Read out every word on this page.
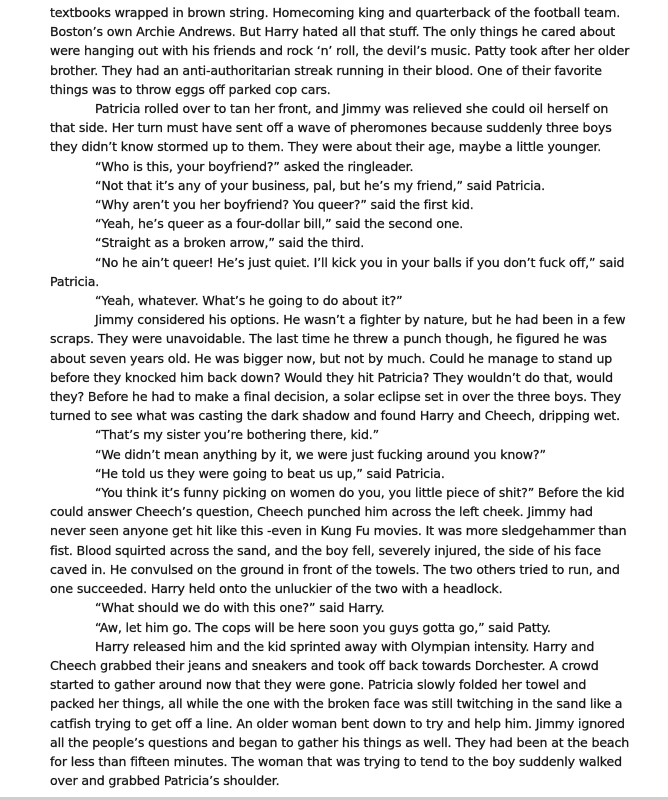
textbooks wrapped in brown string. Homecoming king and quarterback of the football team. Boston’s own Archie Andrews. But Harry hated all that stuff. The only things he cared about were hanging out with his friends and rock ‘n’ roll, the devil’s music. Patty took after her older brother. They had an anti-authoritarian streak running in their blood. One of their favorite things was to throw eggs off parked cop cars.

Patricia rolled over to tan her front, and Jimmy was relieved she could oil herself on that side. Her turn must have sent off a wave of pheromones because suddenly three boys they didn’t know stormed up to them. They were about their age, maybe a little younger.

“Who is this, your boyfriend?” asked the ringleader.

“Not that it’s any of your business, pal, but he’s my friend,” said Patricia.

“Why aren’t you her boyfriend? You queer?” said the first kid.

“Yeah, he’s queer as a four-dollar bill,” said the second one.

“Straight as a broken arrow,” said the third.

“No he ain’t queer! He’s just quiet. I’ll kick you in your balls if you don’t fuck off,” said Patricia.

“Yeah, whatever. What’s he going to do about it?”

Jimmy considered his options. He wasn’t a fighter by nature, but he had been in a few scraps. They were unavoidable. The last time he threw a punch though, he figured he was about seven years old. He was bigger now, but not by much. Could he manage to stand up before they knocked him back down? Would they hit Patricia? They wouldn’t do that, would they? Before he had to make a final decision, a solar eclipse set in over the three boys. They turned to see what was casting the dark shadow and found Harry and Cheech, dripping wet.

“That’s my sister you’re bothering there, kid.”

“We didn’t mean anything by it, we were just fucking around you know?”

“He told us they were going to beat us up,” said Patricia.

“You think it’s funny picking on women do you, you little piece of shit?” Before the kid could answer Cheech’s question, Cheech punched him across the left cheek. Jimmy had never seen anyone get hit like this -even in Kung Fu movies. It was more sledgehammer than fist. Blood squirted across the sand, and the boy fell, severely injured, the side of his face caved in. He convulsed on the ground in front of the towels. The two others tried to run, and one succeeded. Harry held onto the unluckier of the two with a headlock.

“What should we do with this one?” said Harry.

“Aw, let him go. The cops will be here soon you guys gotta go,” said Patty.

Harry released him and the kid sprinted away with Olympian intensity. Harry and Cheech grabbed their jeans and sneakers and took off back towards Dorchester. A crowd started to gather around now that they were gone. Patricia slowly folded her towel and packed her things, all while the one with the broken face was still twitching in the sand like a catfish trying to get off a line. An older woman bent down to try and help him. Jimmy ignored all the people’s questions and began to gather his things as well. They had been at the beach for less than fifteen minutes. The woman that was trying to tend to the boy suddenly walked over and grabbed Patricia’s shoulder.
